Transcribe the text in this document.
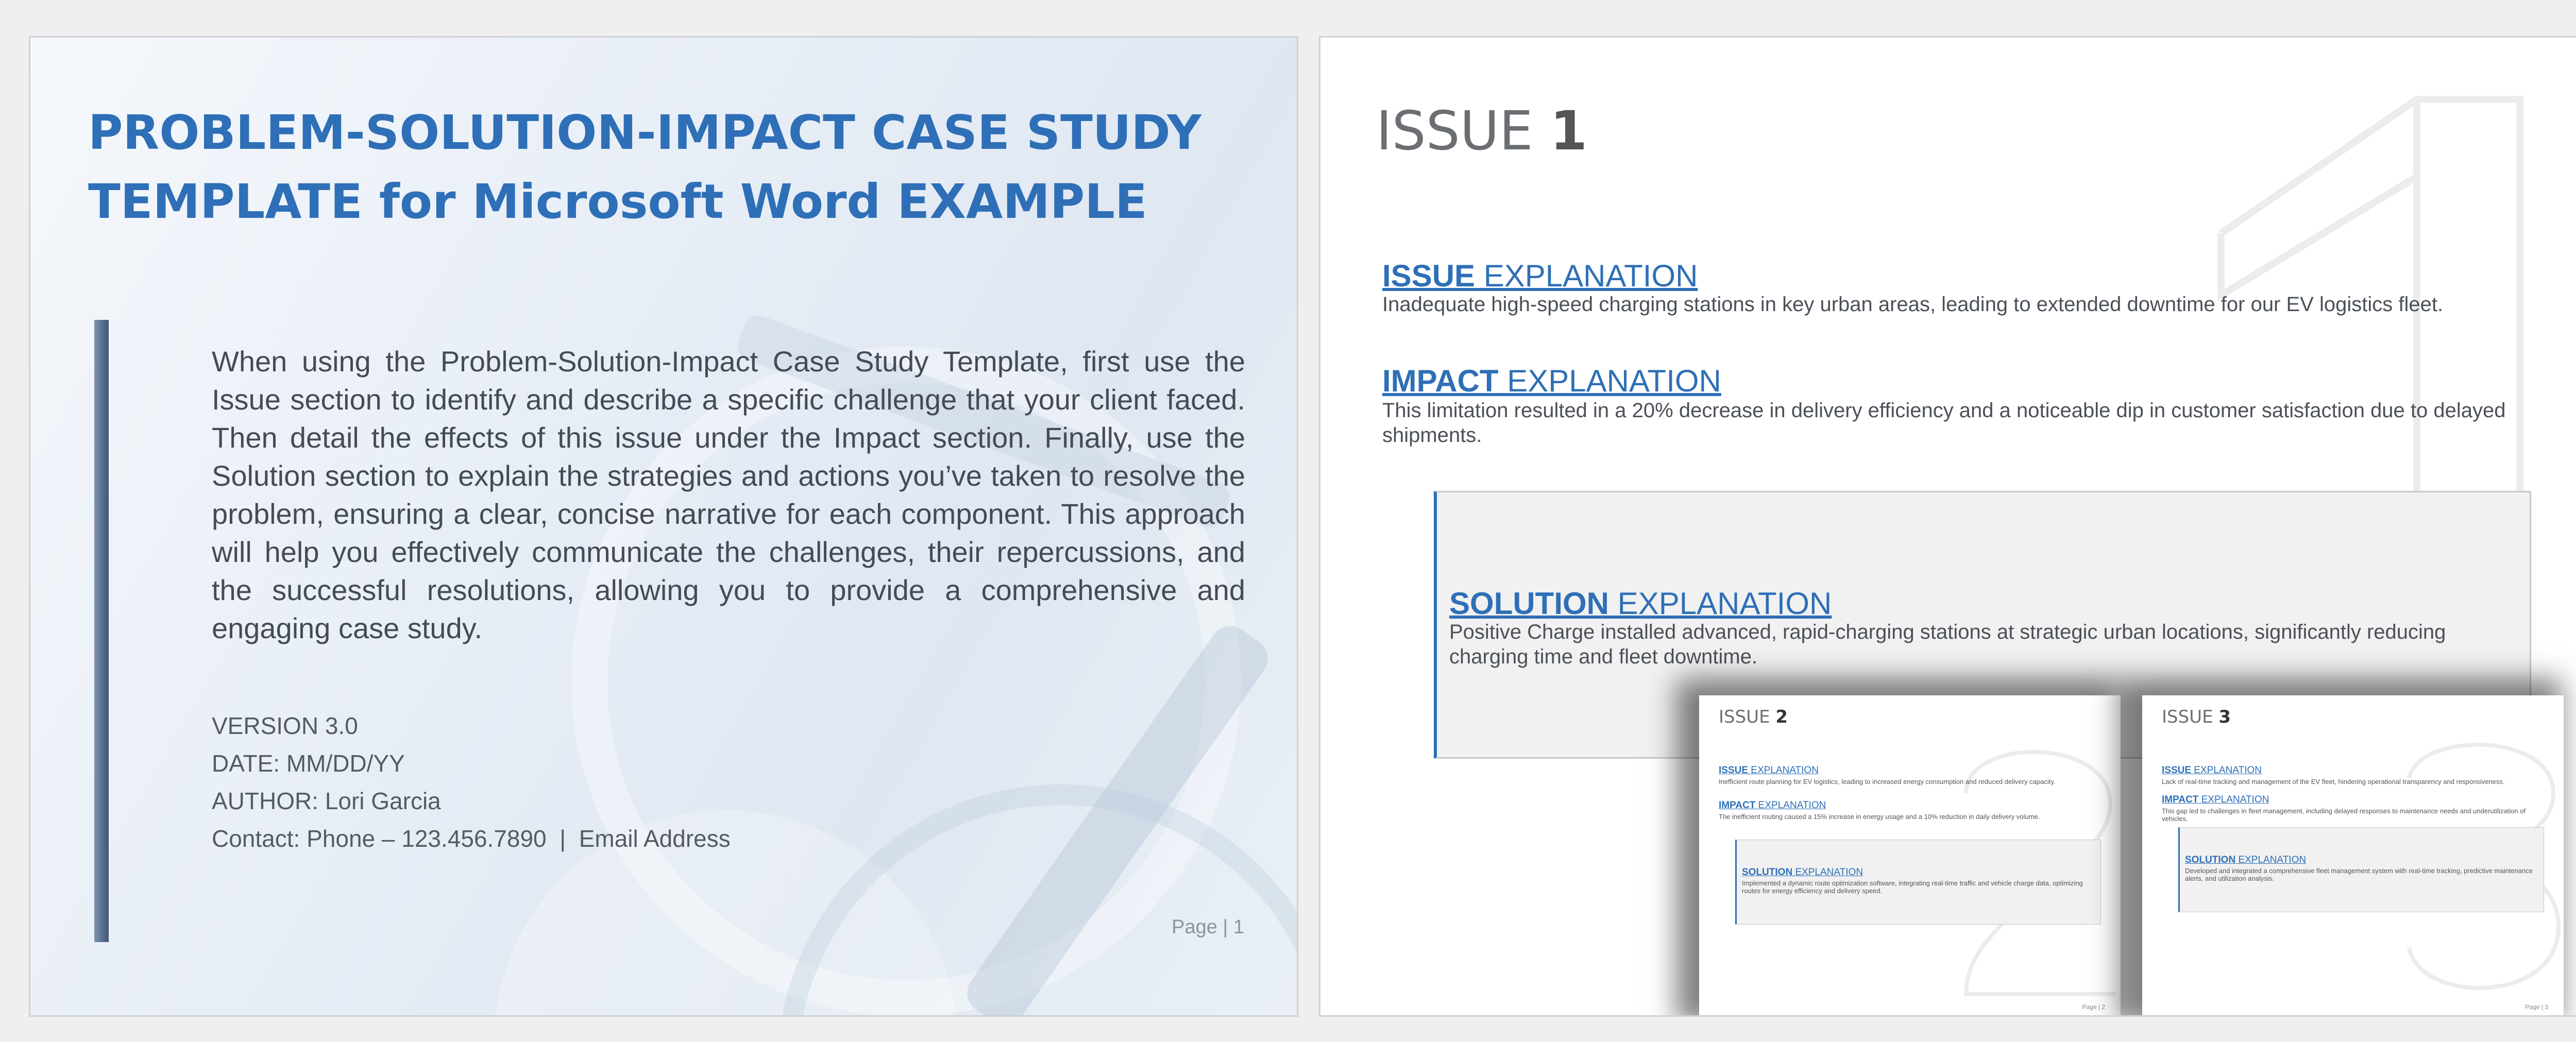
PROBLEM-SOLUTION-IMPACT CASE STUDY
TEMPLATE for Microsoft Word EXAMPLE
When using the Problem-Solution-Impact Case Study Template, first use the Issue section to identify and describe a specific challenge that your client faced. Then detail the effects of this issue under the Impact section. Finally, use the Solution section to explain the strategies and actions you’ve taken to resolve the problem, ensuring a clear, concise narrative for each component. This approach will help you effectively communicate the challenges, their repercussions, and the successful resolutions, allowing you to provide a comprehensive and engaging case study.
VERSION 3.0
DATE: MM/DD/YY
AUTHOR: Lori Garcia
Contact: Phone – 123.456.7890  |  Email Address
Page | 1
ISSUE 1
ISSUE EXPLANATION
Inadequate high-speed charging stations in key urban areas, leading to extended downtime for our EV logistics fleet.
IMPACT EXPLANATION
This limitation resulted in a 20% decrease in delivery efficiency and a noticeable dip in customer satisfaction due to delayed shipments.
SOLUTION EXPLANATION
Positive Charge installed advanced, rapid-charging stations at strategic urban locations, significantly reducing charging time and fleet downtime.
ISSUE 2
ISSUE EXPLANATION
Inefficient route planning for EV logistics, leading to increased energy consumption and reduced delivery capacity.
IMPACT EXPLANATION
The inefficient routing caused a 15% increase in energy usage and a 10% reduction in daily delivery volume.
SOLUTION EXPLANATION
Implemented a dynamic route optimization software, integrating real-time traffic and vehicle charge data, optimizing routes for energy efficiency and delivery speed.
Page | 2
ISSUE 3
ISSUE EXPLANATION
Lack of real-time tracking and management of the EV fleet, hindering operational transparency and responsiveness.
IMPACT EXPLANATION
This gap led to challenges in fleet management, including delayed responses to maintenance needs and underutilization of vehicles.
SOLUTION EXPLANATION
Developed and integrated a comprehensive fleet management system with real-time tracking, predictive maintenance alerts, and utilization analysis.
Page | 3
